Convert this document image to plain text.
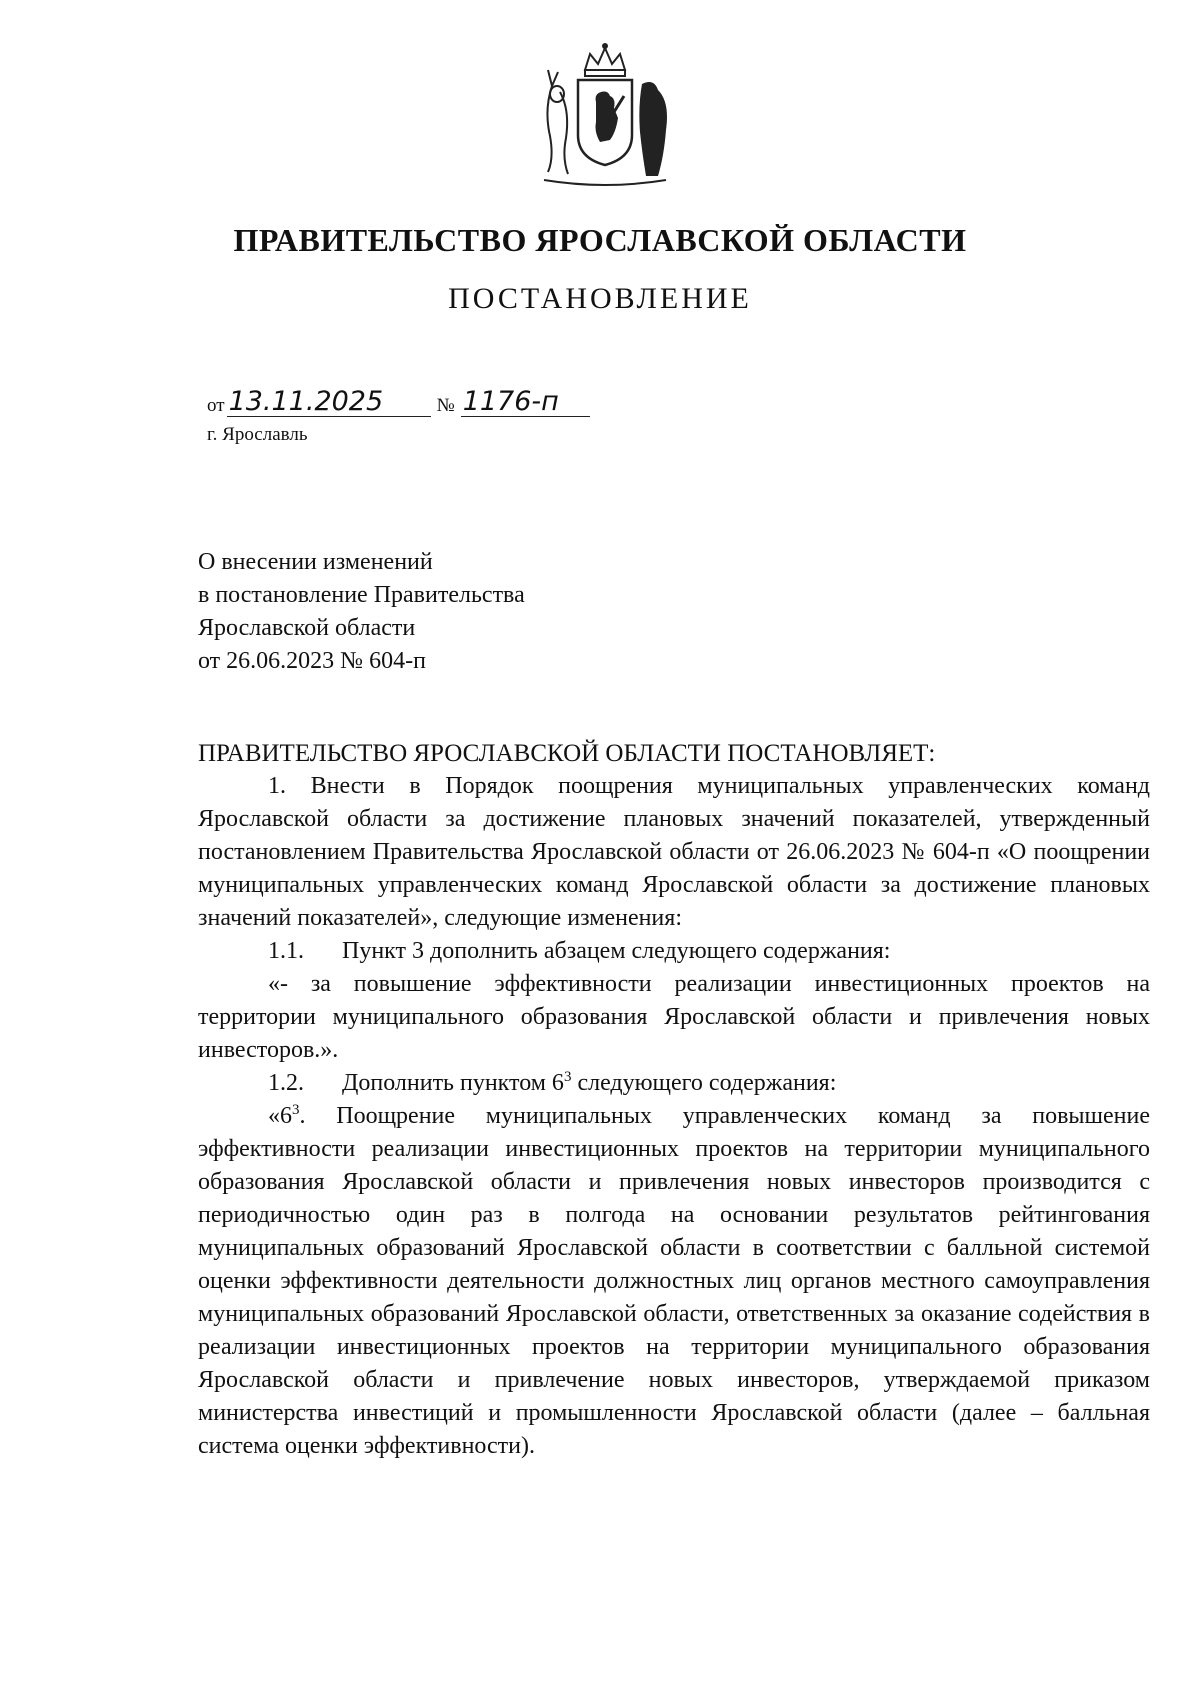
ПРАВИТЕЛЬСТВО ЯРОСЛАВСКОЙ ОБЛАСТИ
ПОСТАНОВЛЕНИЕ
от 13.11.2025	№ 1176-п
г. Ярославль
О внесении изменений
в постановление Правительства
Ярославской области
от 26.06.2023 № 604-п
ПРАВИТЕЛЬСТВО ЯРОСЛАВСКОЙ ОБЛАСТИ ПОСТАНОВЛЯЕТ:

1. Внести в Порядок поощрения муниципальных управленческих команд Ярославской области за достижение плановых значений показателей, утвержденный постановлением Правительства Ярославской области от 26.06.2023 № 604-п «О поощрении муниципальных управленческих команд Ярославской области за достижение плановых значений показателей», следующие изменения:

1.1.	Пункт 3 дополнить абзацем следующего содержания:

«- за повышение эффективности реализации инвестиционных проектов на территории муниципального образования Ярославской области и привлечения новых инвесторов.».

1.2.	Дополнить пунктом $6^3$ следующего содержания:

«$6^3$. Поощрение муниципальных управленческих команд за повышение эффективности реализации инвестиционных проектов на территории муниципального образования Ярославской области и привлечения новых инвесторов производится с периодичностью один раз в полгода на основании результатов рейтингования муниципальных образований Ярославской области в соответствии с балльной системой оценки эффективности деятельности должностных лиц органов местного самоуправления муниципальных образований Ярославской области, ответственных за оказание содействия в реализации инвестиционных проектов на территории муниципального образования Ярославской области и привлечение новых инвесторов, утверждаемой приказом министерства инвестиций и промышленности Ярославской области (далее – балльная система оценки эффективности).
